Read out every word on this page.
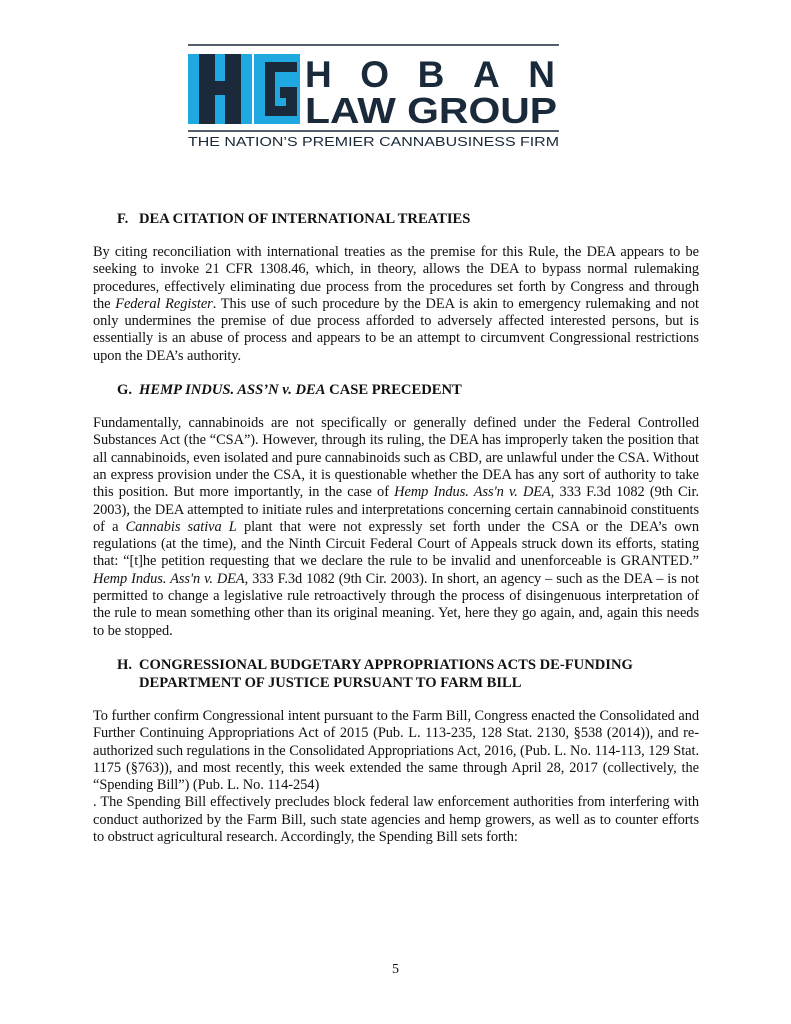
HOBAN
LAW GROUP
THE NATION’S PREMIER CANNABUSINESS FIRM
F. DEA CITATION OF INTERNATIONAL TREATIES

By citing reconciliation with international treaties as the premise for this Rule, the DEA appears to be seeking to invoke 21 CFR 1308.46, which, in theory, allows the DEA to bypass normal rulemaking procedures, effectively eliminating due process from the procedures set forth by Congress and through the Federal Register. This use of such procedure by the DEA is akin to emergency rulemaking and not only undermines the premise of due process afforded to adversely affected interested persons, but is essentially is an abuse of process and appears to be an attempt to circumvent Congressional restrictions upon the DEA’s authority.

G. HEMP INDUS. ASS’N v. DEA CASE PRECEDENT

Fundamentally, cannabinoids are not specifically or generally defined under the Federal Controlled Substances Act (the “CSA”). However, through its ruling, the DEA has improperly taken the position that all cannabinoids, even isolated and pure cannabinoids such as CBD, are unlawful under the CSA. Without an express provision under the CSA, it is questionable whether the DEA has any sort of authority to take this position. But more importantly, in the case of Hemp Indus. Ass'n v. DEA, 333 F.3d 1082 (9th Cir. 2003), the DEA attempted to initiate rules and interpretations concerning certain cannabinoid constituents of a Cannabis sativa L plant that were not expressly set forth under the CSA or the DEA’s own regulations (at the time), and the Ninth Circuit Federal Court of Appeals struck down its efforts, stating that: “[t]he petition requesting that we declare the rule to be invalid and unenforceable is GRANTED.” Hemp Indus. Ass'n v. DEA, 333 F.3d 1082 (9th Cir. 2003). In short, an agency – such as the DEA – is not permitted to change a legislative rule retroactively through the process of disingenuous interpretation of the rule to mean something other than its original meaning. Yet, here they go again, and, again this needs to be stopped.

H. CONGRESSIONAL BUDGETARY APPROPRIATIONS ACTS DE-FUNDING
DEPARTMENT OF JUSTICE PURSUANT TO FARM BILL

To further confirm Congressional intent pursuant to the Farm Bill, Congress enacted the Consolidated and Further Continuing Appropriations Act of 2015 (Pub. L. 113-235, 128 Stat. 2130, §538 (2014)), and re-authorized such regulations in the Consolidated Appropriations Act, 2016, (Pub. L. No. 114-113, 129 Stat. 1175 (§763)), and most recently, this week extended the same through April 28, 2017 (collectively, the “Spending Bill”) (Pub. L. No. 114-254)

. The Spending Bill effectively precludes block federal law enforcement authorities from interfering with conduct authorized by the Farm Bill, such state agencies and hemp growers, as well as to counter efforts to obstruct agricultural research. Accordingly, the Spending Bill sets forth:

5
